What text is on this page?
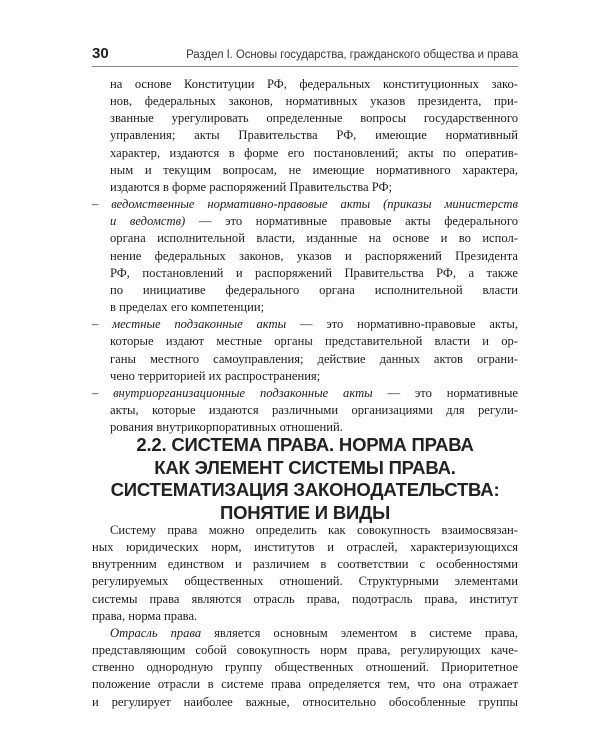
30	Раздел I. Основы государства, гражданского общества и права
на основе Конституции РФ, федеральных конституционных зако-
нов, федеральных законов, нормативных указов президента, при-
званные урегулировать определенные вопросы государственного
управления; акты Правительства РФ, имеющие нормативный
характер, издаются в форме его постановлений; акты по оператив-
ным и текущим вопросам, не имеющие нормативного характера,
издаются в форме распоряжений Правительства РФ;
– ведомственные нормативно-правовые акты (приказы министерств
и ведомств) — это нормативные правовые акты федерального
органа исполнительной власти, изданные на основе и во испол-
нение федеральных законов, указов и распоряжений Президента
РФ, постановлений и распоряжений Правительства РФ, а также
по инициативе федерального органа исполнительной власти
в пределах его компетенции;
– местные подзаконные акты — это нормативно-правовые акты,
которые издают местные органы представительной власти и ор-
ганы местного самоуправления; действие данных актов ограни-
чено территорией их распространения;
– внутриорганизационные подзаконные акты — это нормативные
акты, которые издаются различными организациями для регули-
рования внутрикорпоративных отношений.
2.2. СИСТЕМА ПРАВА. НОРМА ПРАВА
КАК ЭЛЕМЕНТ СИСТЕМЫ ПРАВА.
СИСТЕМАТИЗАЦИЯ ЗАКОНОДАТЕЛЬСТВА:
ПОНЯТИЕ И ВИДЫ
Систему права можно определить как совокупность взаимосвязан-
ных юридических норм, институтов и отраслей, характеризующихся
внутренним единством и различием в соответствии с особенностями
регулируемых общественных отношений. Структурными элементами
системы права являются отрасль права, подотрасль права, институт
права, норма права.
Отрасль права является основным элементом в системе права,
представляющим собой совокупность норм права, регулирующих каче-
ственно однородную группу общественных отношений. Приоритетное
положение отрасли в системе права определяется тем, что она отражает
и регулирует наиболее важные, относительно обособленные группы
